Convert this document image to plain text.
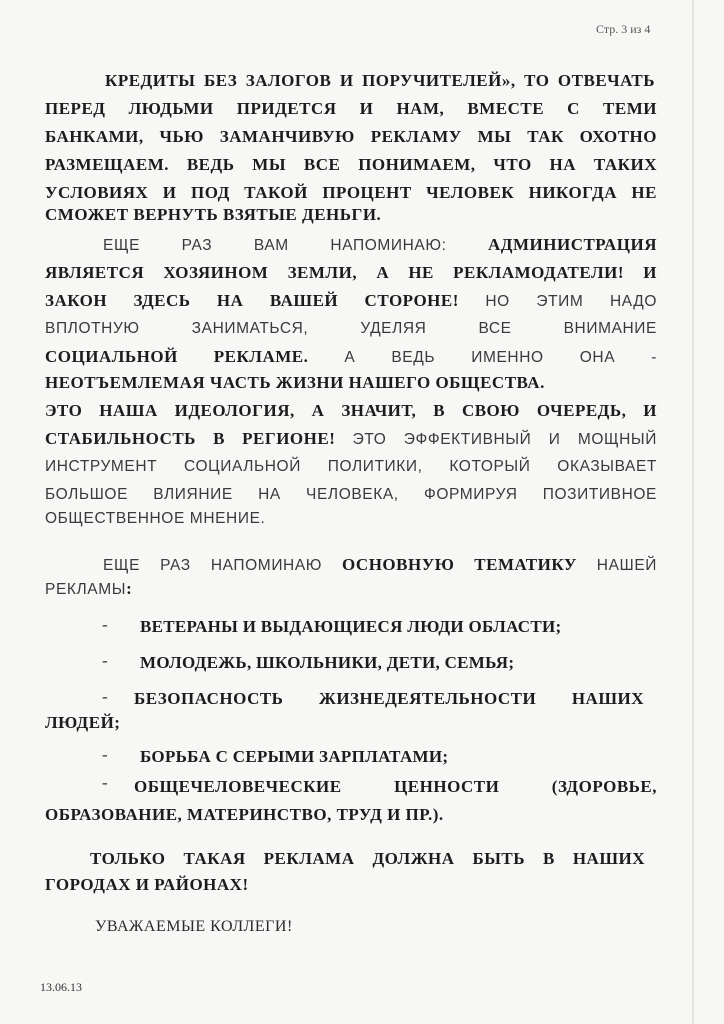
Стр. 3 из 4

КРЕДИТЫ БЕЗ ЗАЛОГОВ И ПОРУЧИТЕЛЕЙ», ТО ОТВЕЧАТЬ

ПЕРЕД ЛЮДЬМИ ПРИДЕТСЯ И НАМ, ВМЕСТЕ С ТЕМИ

БАНКАМИ, ЧЬЮ ЗАМАНЧИВУЮ РЕКЛАМУ МЫ ТАК ОХОТНО

РАЗМЕЩАЕМ. ВЕДЬ МЫ ВСЕ ПОНИМАЕМ, ЧТО НА ТАКИХ

УСЛОВИЯХ И ПОД ТАКОЙ ПРОЦЕНТ ЧЕЛОВЕК НИКОГДА НЕ

СМОЖЕТ ВЕРНУТЬ ВЗЯТЫЕ ДЕНЬГИ.

ЕЩЕ РАЗ ВАМ НАПОМИНАЮ: АДМИНИСТРАЦИЯ

ЯВЛЯЕТСЯ ХОЗЯИНОМ ЗЕМЛИ, А НЕ РЕКЛАМОДАТЕЛИ! И

ЗАКОН ЗДЕСЬ НА ВАШЕЙ СТОРОНЕ! НО ЭТИМ НАДО

ВПЛОТНУЮ ЗАНИМАТЬСЯ, УДЕЛЯЯ ВСЕ ВНИМАНИЕ

СОЦИАЛЬНОЙ РЕКЛАМЕ. А ВЕДЬ ИМЕННО ОНА -

НЕОТЪЕМЛЕМАЯ ЧАСТЬ ЖИЗНИ НАШЕГО ОБЩЕСТВА.

ЭТО НАША ИДЕОЛОГИЯ, А ЗНАЧИТ, В СВОЮ ОЧЕРЕДЬ, И

СТАБИЛЬНОСТЬ В РЕГИОНЕ! ЭТО ЭФФЕКТИВНЫЙ И МОЩНЫЙ

ИНСТРУМЕНТ СОЦИАЛЬНОЙ ПОЛИТИКИ, КОТОРЫЙ ОКАЗЫВАЕТ

БОЛЬШОЕ ВЛИЯНИЕ НА ЧЕЛОВЕКА, ФОРМИРУЯ ПОЗИТИВНОЕ

ОБЩЕСТВЕННОЕ МНЕНИЕ.

ЕЩЕ РАЗ НАПОМИНАЮ ОСНОВНУЮ ТЕМАТИКУ НАШЕЙ

РЕКЛАМЫ:

- ВЕТЕРАНЫ И ВЫДАЮЩИЕСЯ ЛЮДИ ОБЛАСТИ;
- МОЛОДЕЖЬ, ШКОЛЬНИКИ, ДЕТИ, СЕМЬЯ;
- БЕЗОПАСНОСТЬ ЖИЗНЕДЕЯТЕЛЬНОСТИ НАШИХ

ЛЮДЕЙ;

- БОРЬБА С СЕРЫМИ ЗАРПЛАТАМИ;
- ОБЩЕЧЕЛОВЕЧЕСКИЕ ЦЕННОСТИ (ЗДОРОВЬЕ,

ОБРАЗОВАНИЕ, МАТЕРИНСТВО, ТРУД И ПР.).

ТОЛЬКО ТАКАЯ РЕКЛАМА ДОЛЖНА БЫТЬ В НАШИХ

ГОРОДАХ И РАЙОНАХ!

УВАЖАЕМЫЕ КОЛЛЕГИ!

13.06.13
